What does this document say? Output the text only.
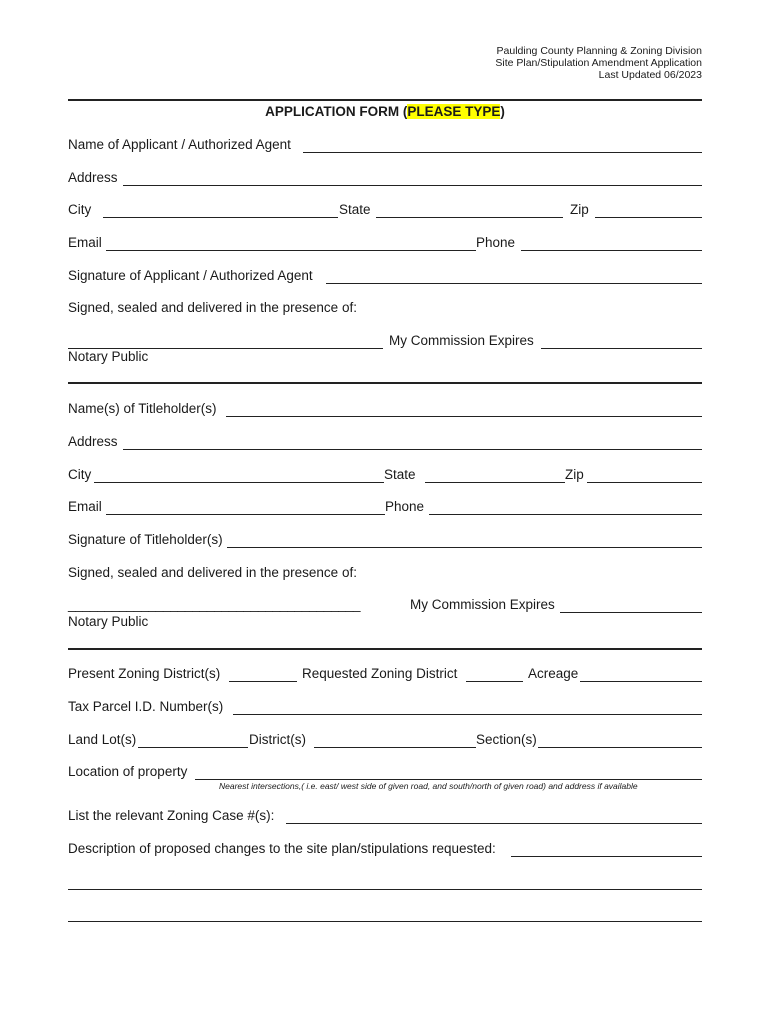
Paulding County Planning & Zoning Division
Site Plan/Stipulation Amendment Application
Last Updated 06/2023
APPLICATION FORM (PLEASE TYPE)
Name of Applicant / Authorized Agent
Address
City	State	Zip
Email	Phone
Signature of Applicant / Authorized Agent
Signed, sealed and delivered in the presence of:
My Commission Expires
Notary Public
Name(s) of Titleholder(s)
Address
City	State	Zip
Email	Phone
Signature of Titleholder(s)
Signed, sealed and delivered in the presence of:
________________________________________	My Commission Expires
Notary Public
Present Zoning District(s)	Requested Zoning District	Acreage
Tax Parcel I.D. Number(s)
Land Lot(s)	District(s)	Section(s)
Location of property
Nearest intersections,( i.e. east/ west side of given road, and south/north of given road) and address if available
List the relevant Zoning Case #(s):
Description of proposed changes to the site plan/stipulations requested:
